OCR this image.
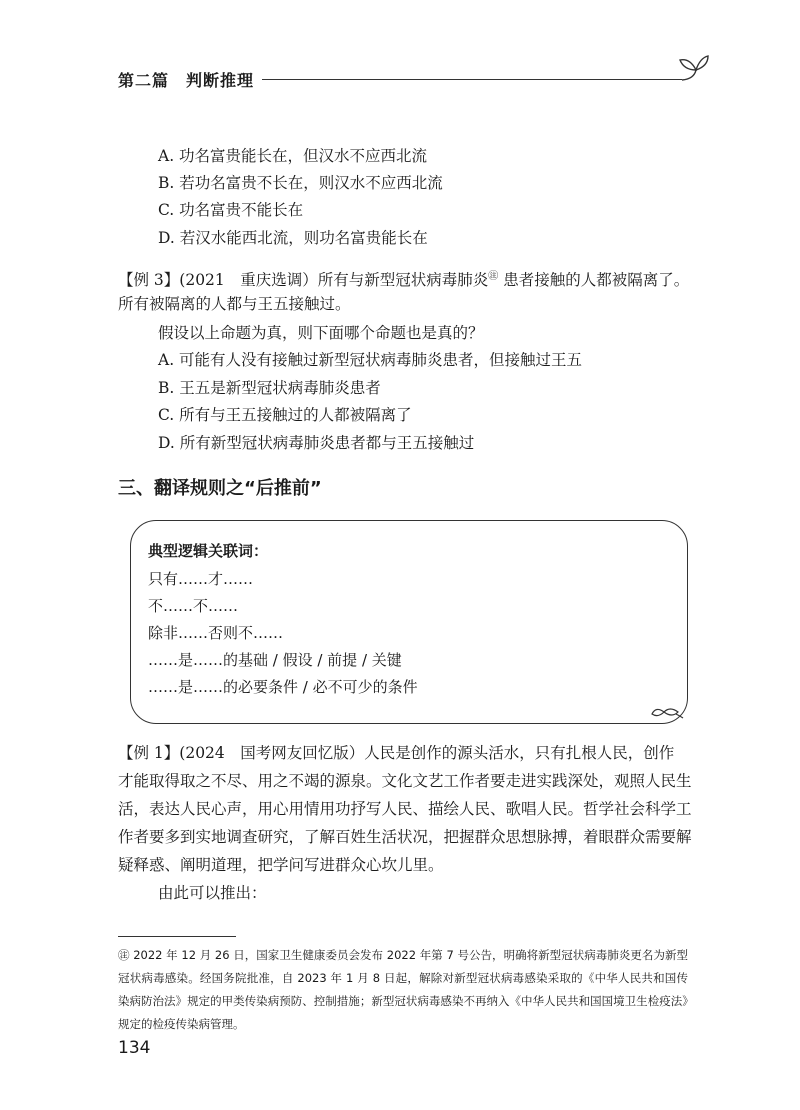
第二篇　判断推理
A. 功名富贵能长在，但汉水不应西北流
B. 若功名富贵不长在，则汉水不应西北流
C. 功名富贵不能长在
D. 若汉水能西北流，则功名富贵能长在
【例 3】(2021　重庆选调）所有与新型冠状病毒肺炎㊟ 患者接触的人都被隔离了。
所有被隔离的人都与王五接触过。
假设以上命题为真，则下面哪个命题也是真的？
A. 可能有人没有接触过新型冠状病毒肺炎患者，但接触过王五
B. 王五是新型冠状病毒肺炎患者
C. 所有与王五接触过的人都被隔离了
D. 所有新型冠状病毒肺炎患者都与王五接触过
三、翻译规则之“后推前”
典型逻辑关联词：
只有……才……
不……不……
除非……否则不……
……是……的基础 / 假设 / 前提 / 关键
……是……的必要条件 / 必不可少的条件
【例 1】(2024　国考网友回忆版）人民是创作的源头活水，只有扎根人民，创作
才能取得取之不尽、用之不竭的源泉。文化文艺工作者要走进实践深处，观照人民生
活，表达人民心声，用心用情用功抒写人民、描绘人民、歌唱人民。哲学社会科学工
作者要多到实地调查研究，了解百姓生活状况，把握群众思想脉搏，着眼群众需要解
疑释惑、阐明道理，把学问写进群众心坎儿里。
由此可以推出：
㊟ 2022 年 12 月 26 日，国家卫生健康委员会发布 2022 年第 7 号公告，明确将新型冠状病毒肺炎更名为新型冠状病毒感染。经国务院批准，自 2023 年 1 月 8 日起，解除对新型冠状病毒感染采取的《中华人民共和国传染病防治法》规定的甲类传染病预防、控制措施；新型冠状病毒感染不再纳入《中华人民共和国国境卫生检疫法》规定的检疫传染病管理。
134
